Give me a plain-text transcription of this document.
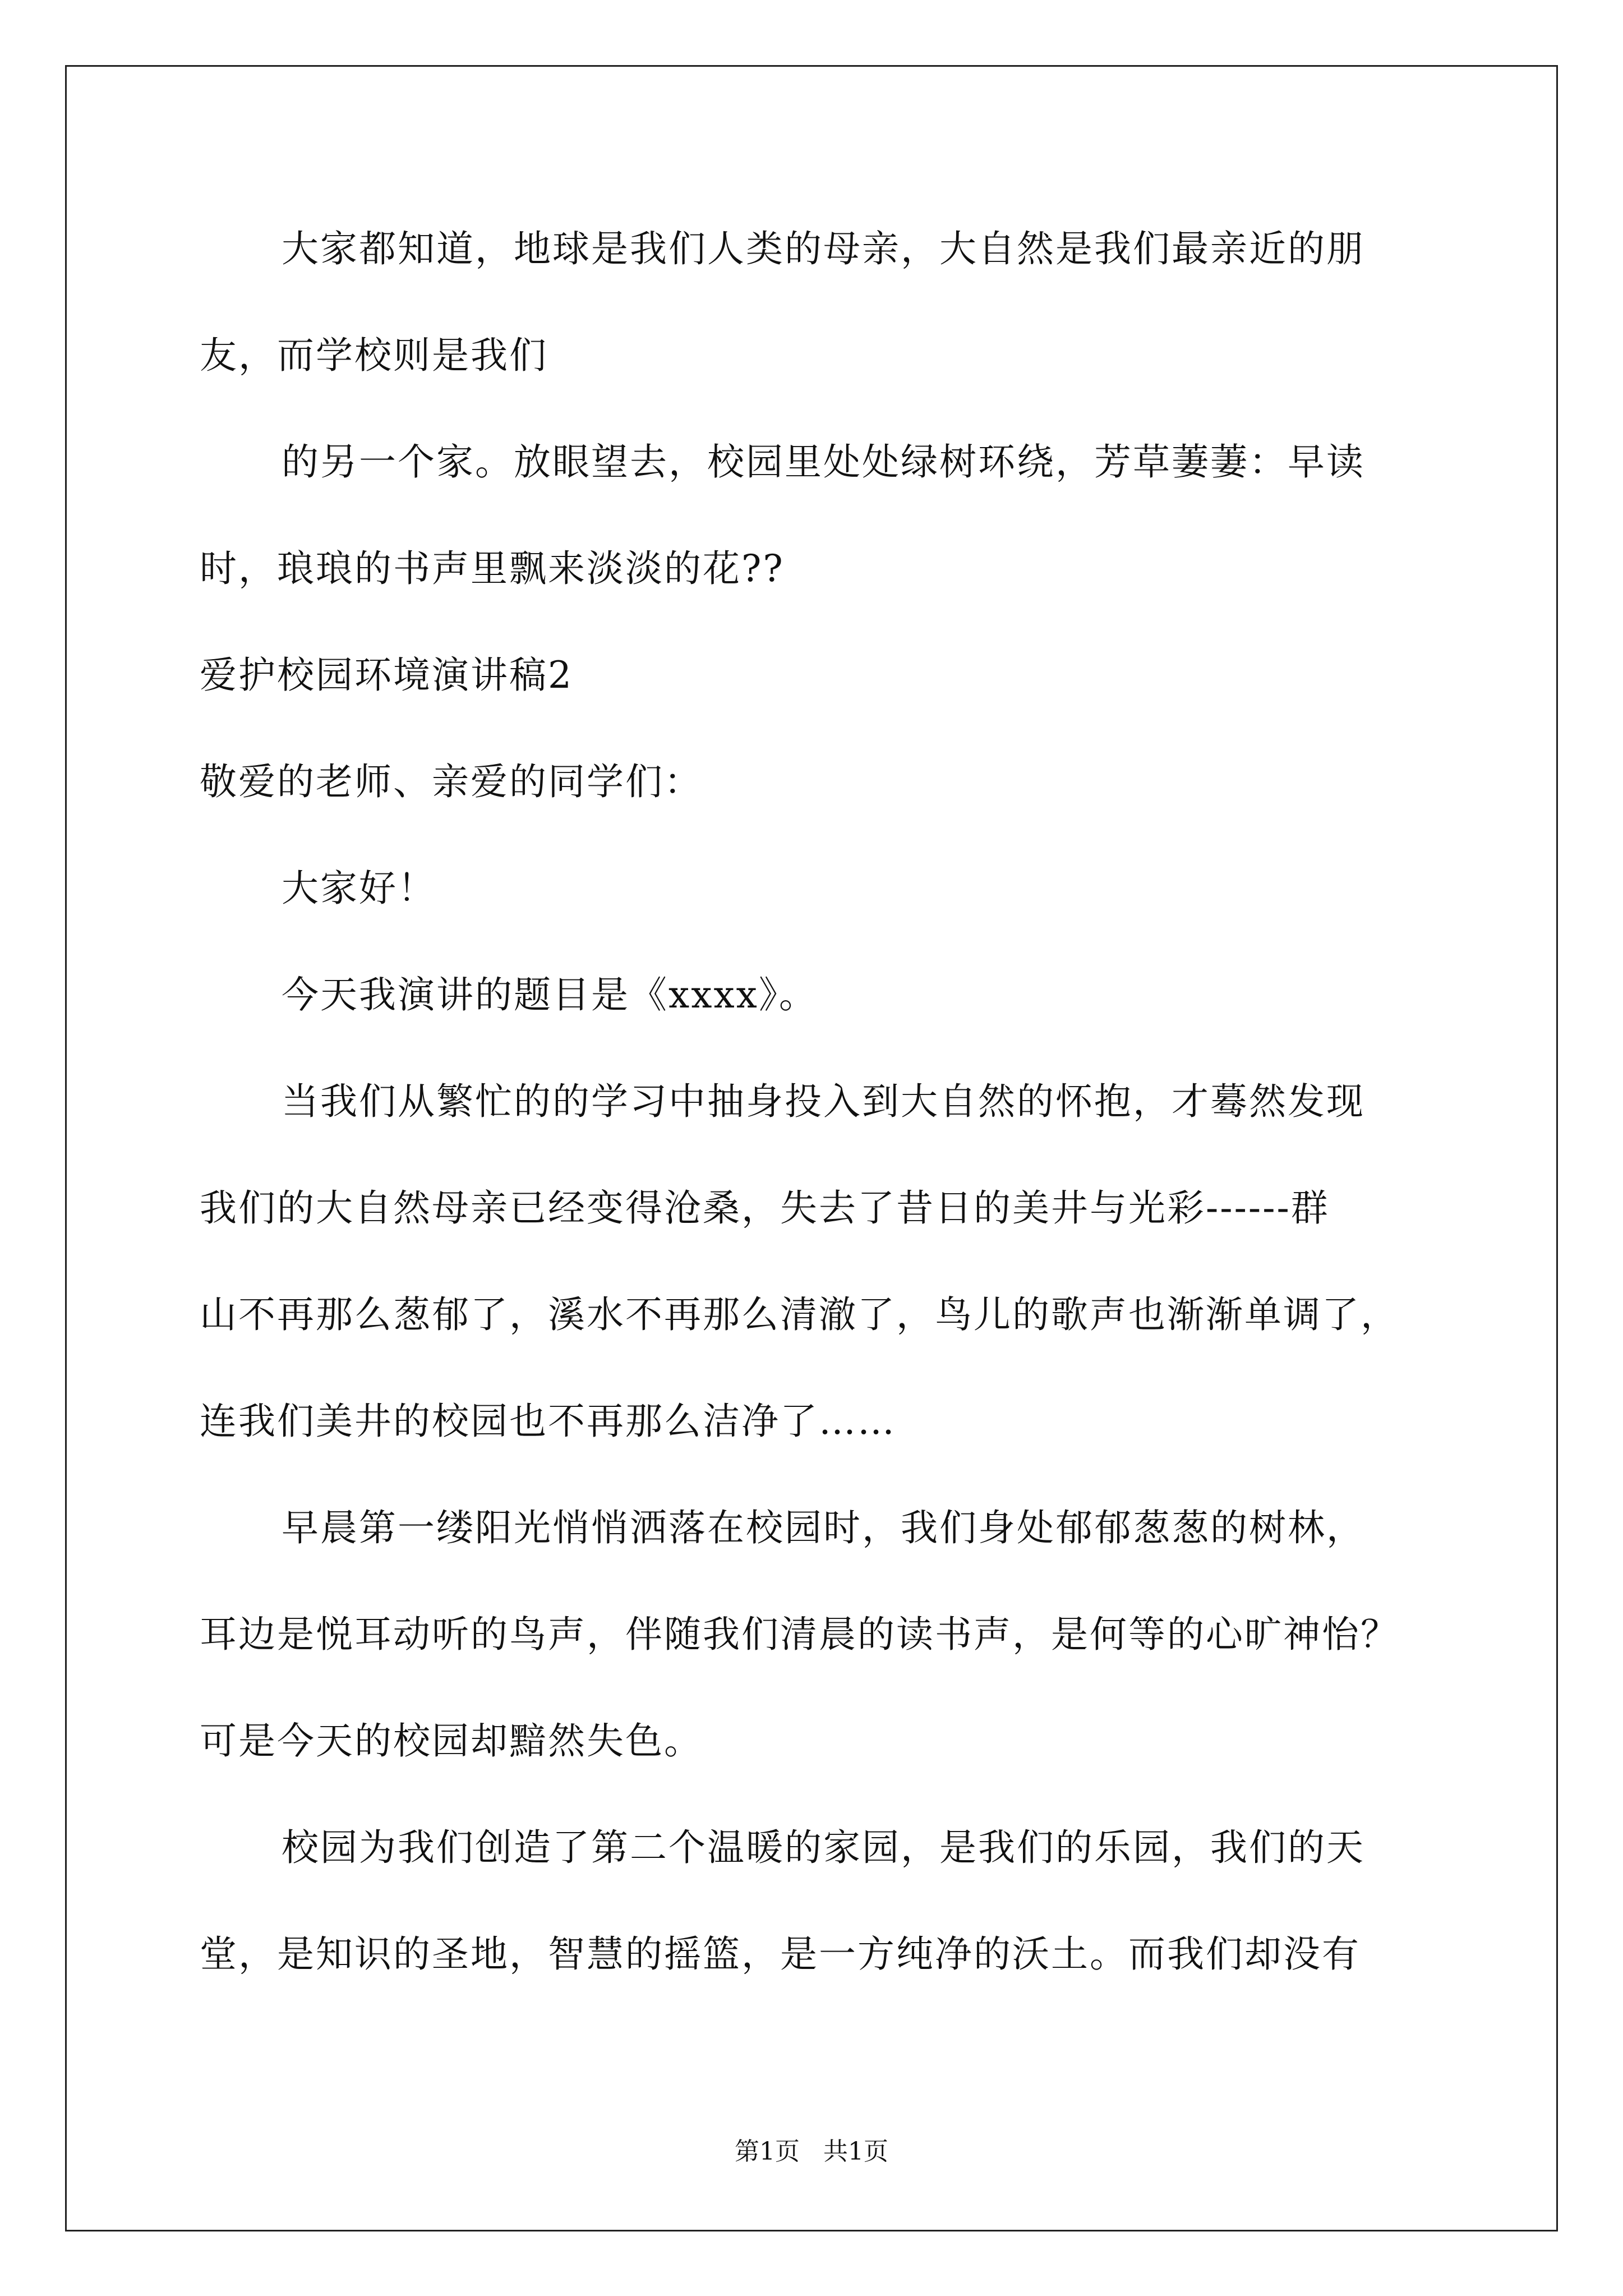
大家都知道，地球是我们人类的母亲，大自然是我们最亲近的朋
友，而学校则是我们
的另一个家。放眼望去，校园里处处绿树环绕，芳草萋萋：早读
时，琅琅的书声里飘来淡淡的花??
爱护校园环境演讲稿2
敬爱的老师、亲爱的同学们：
大家好！
今天我演讲的题目是《xxxx》。
当我们从繁忙的的学习中抽身投入到大自然的怀抱，才蓦然发现
我们的大自然母亲已经变得沧桑，失去了昔日的美井与光彩------群
山不再那么葱郁了，溪水不再那么清澈了，鸟儿的歌声也渐渐单调了，
连我们美井的校园也不再那么洁净了……
早晨第一缕阳光悄悄洒落在校园时，我们身处郁郁葱葱的树林，
耳边是悦耳动听的鸟声，伴随我们清晨的读书声，是何等的心旷神怡？
可是今天的校园却黯然失色。
校园为我们创造了第二个温暖的家园，是我们的乐园，我们的天
堂，是知识的圣地，智慧的摇篮，是一方纯净的沃土。而我们却没有
第1页   共1页
